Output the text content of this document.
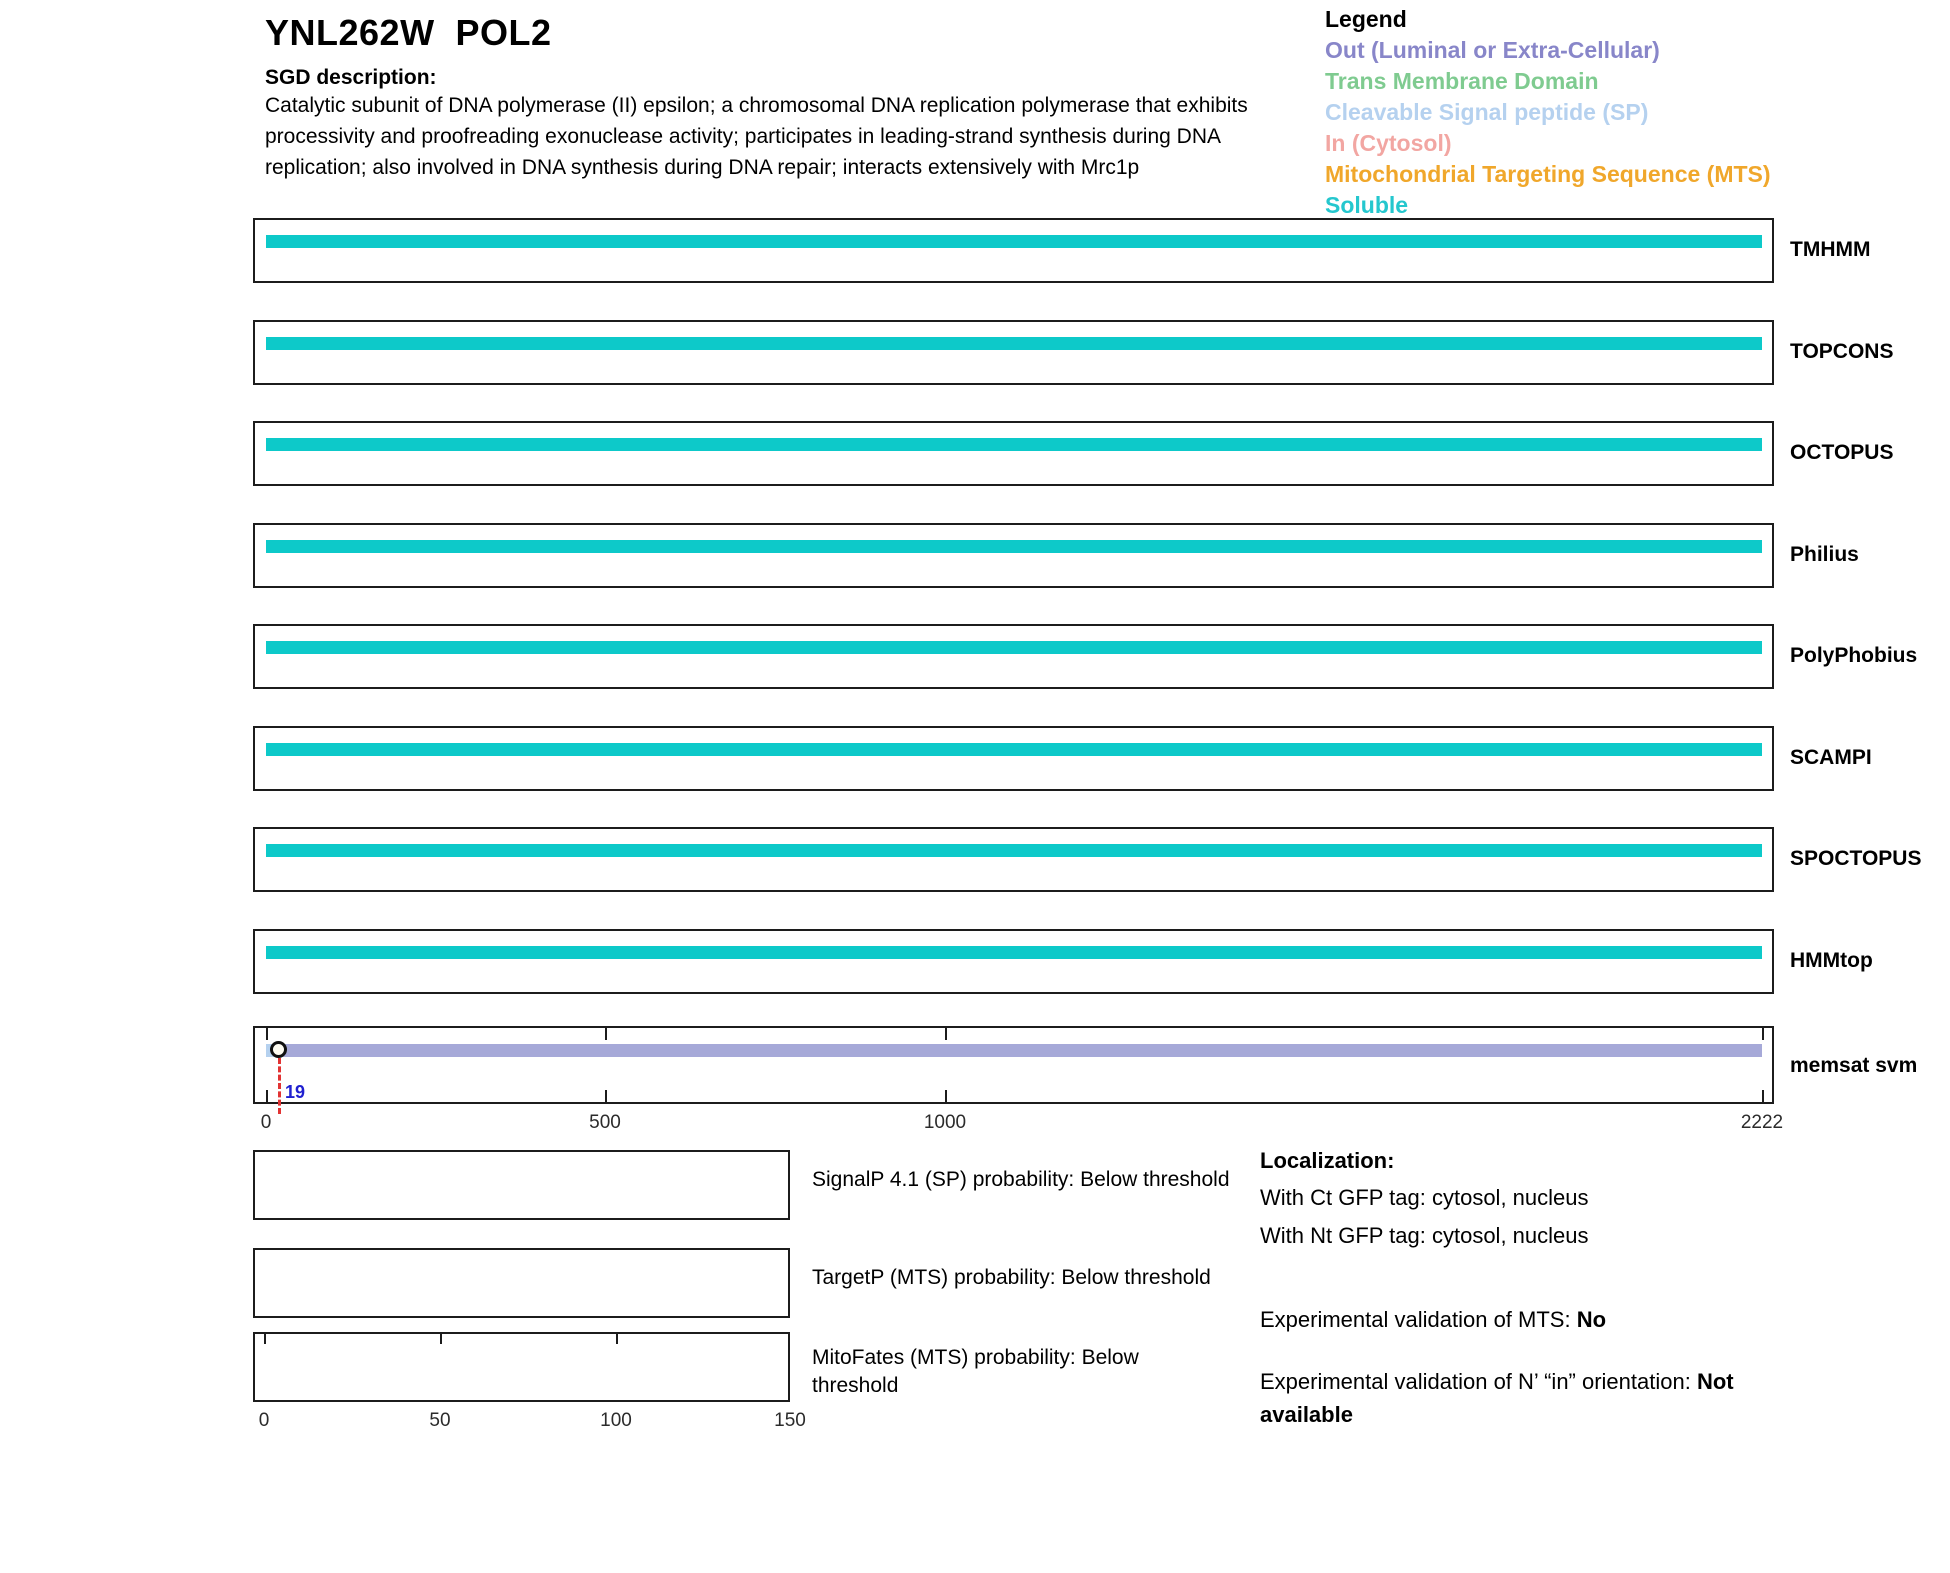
YNL262W  POL2
SGD description:
Catalytic subunit of DNA polymerase (II) epsilon; a chromosomal DNA replication polymerase that exhibits
processivity and proofreading exonuclease activity; participates in leading-strand synthesis during DNA
replication; also involved in DNA synthesis during DNA repair; interacts extensively with Mrc1p
Legend
Out (Luminal or Extra-Cellular)
Trans Membrane Domain
Cleavable Signal peptide (SP)
In (Cytosol)
Mitochondrial Targeting Sequence (MTS)
Soluble
TMHMM
TOPCONS
OCTOPUS
Philius
PolyPhobius
SCAMPI
SPOCTOPUS
HMMtop
19
memsat svm
0	500	1000	2222
SignalP 4.1 (SP) probability: Below threshold
TargetP (MTS) probability: Below threshold
MitoFates (MTS) probability: Below threshold
0	50	100	150
Localization:
With Ct GFP tag: cytosol, nucleus
With Nt GFP tag: cytosol, nucleus
Experimental validation of MTS: No
Experimental validation of N’ “in” orientation: Not available
